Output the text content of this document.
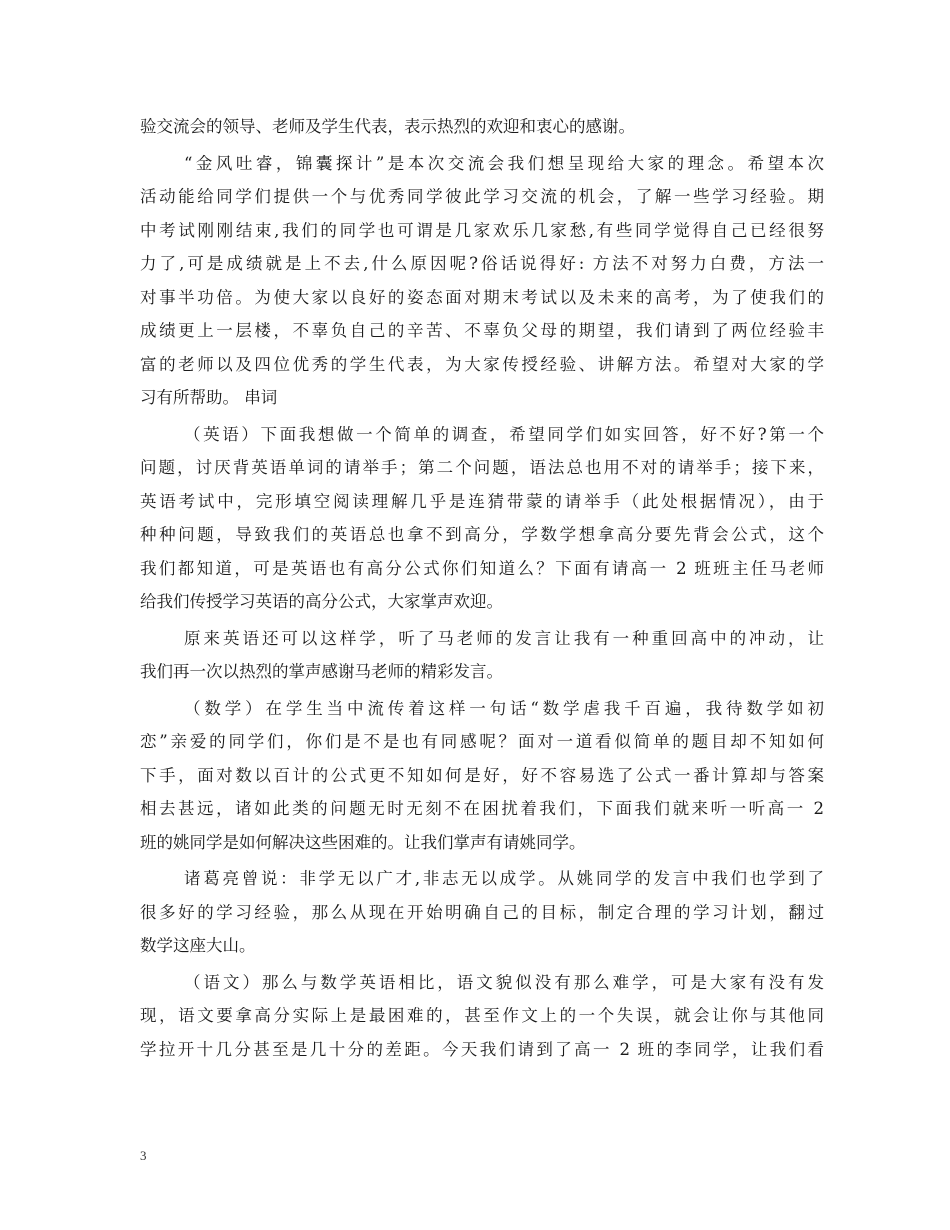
验交流会的领导、老师及学生代表，表示热烈的欢迎和衷心的感谢。
“金风吐睿，锦囊探计”是本次交流会我们想呈现给大家的理念。希望本次
活动能给同学们提供一个与优秀同学彼此学习交流的机会，了解一些学习经验。期
中考试刚刚结束,我们的同学也可谓是几家欢乐几家愁,有些同学觉得自己已经很努
力了,可是成绩就是上不去,什么原因呢?俗话说得好: 方法不对努力白费，方法一
对事半功倍。为使大家以良好的姿态面对期末考试以及未来的高考，为了使我们的
成绩更上一层楼，不辜负自己的辛苦、不辜负父母的期望，我们请到了两位经验丰
富的老师以及四位优秀的学生代表，为大家传授经验、讲解方法。希望对大家的学
习有所帮助。 串词
（英语）下面我想做一个简单的调查，希望同学们如实回答，好不好?第一个
问题，讨厌背英语单词的请举手；第二个问题，语法总也用不对的请举手；接下来，
英语考试中，完形填空阅读理解几乎是连猜带蒙的请举手（此处根据情况），由于
种种问题，导致我们的英语总也拿不到高分，学数学想拿高分要先背会公式，这个
我们都知道，可是英语也有高分公式你们知道么？下面有请高一 2 班班主任马老师
给我们传授学习英语的高分公式，大家掌声欢迎。
原来英语还可以这样学，听了马老师的发言让我有一种重回高中的冲动，让
我们再一次以热烈的掌声感谢马老师的精彩发言。
（数学）在学生当中流传着这样一句话“数学虐我千百遍，我待数学如初
恋”亲爱的同学们，你们是不是也有同感呢？面对一道看似简单的题目却不知如何
下手，面对数以百计的公式更不知如何是好，好不容易选了公式一番计算却与答案
相去甚远，诸如此类的问题无时无刻不在困扰着我们，下面我们就来听一听高一 2
班的姚同学是如何解决这些困难的。让我们掌声有请姚同学。
诸葛亮曾说：非学无以广才,非志无以成学。从姚同学的发言中我们也学到了
很多好的学习经验，那么从现在开始明确自己的目标，制定合理的学习计划，翻过
数学这座大山。
（语文）那么与数学英语相比，语文貌似没有那么难学，可是大家有没有发
现，语文要拿高分实际上是最困难的，甚至作文上的一个失误，就会让你与其他同
学拉开十几分甚至是几十分的差距。今天我们请到了高一 2 班的李同学，让我们看
3
